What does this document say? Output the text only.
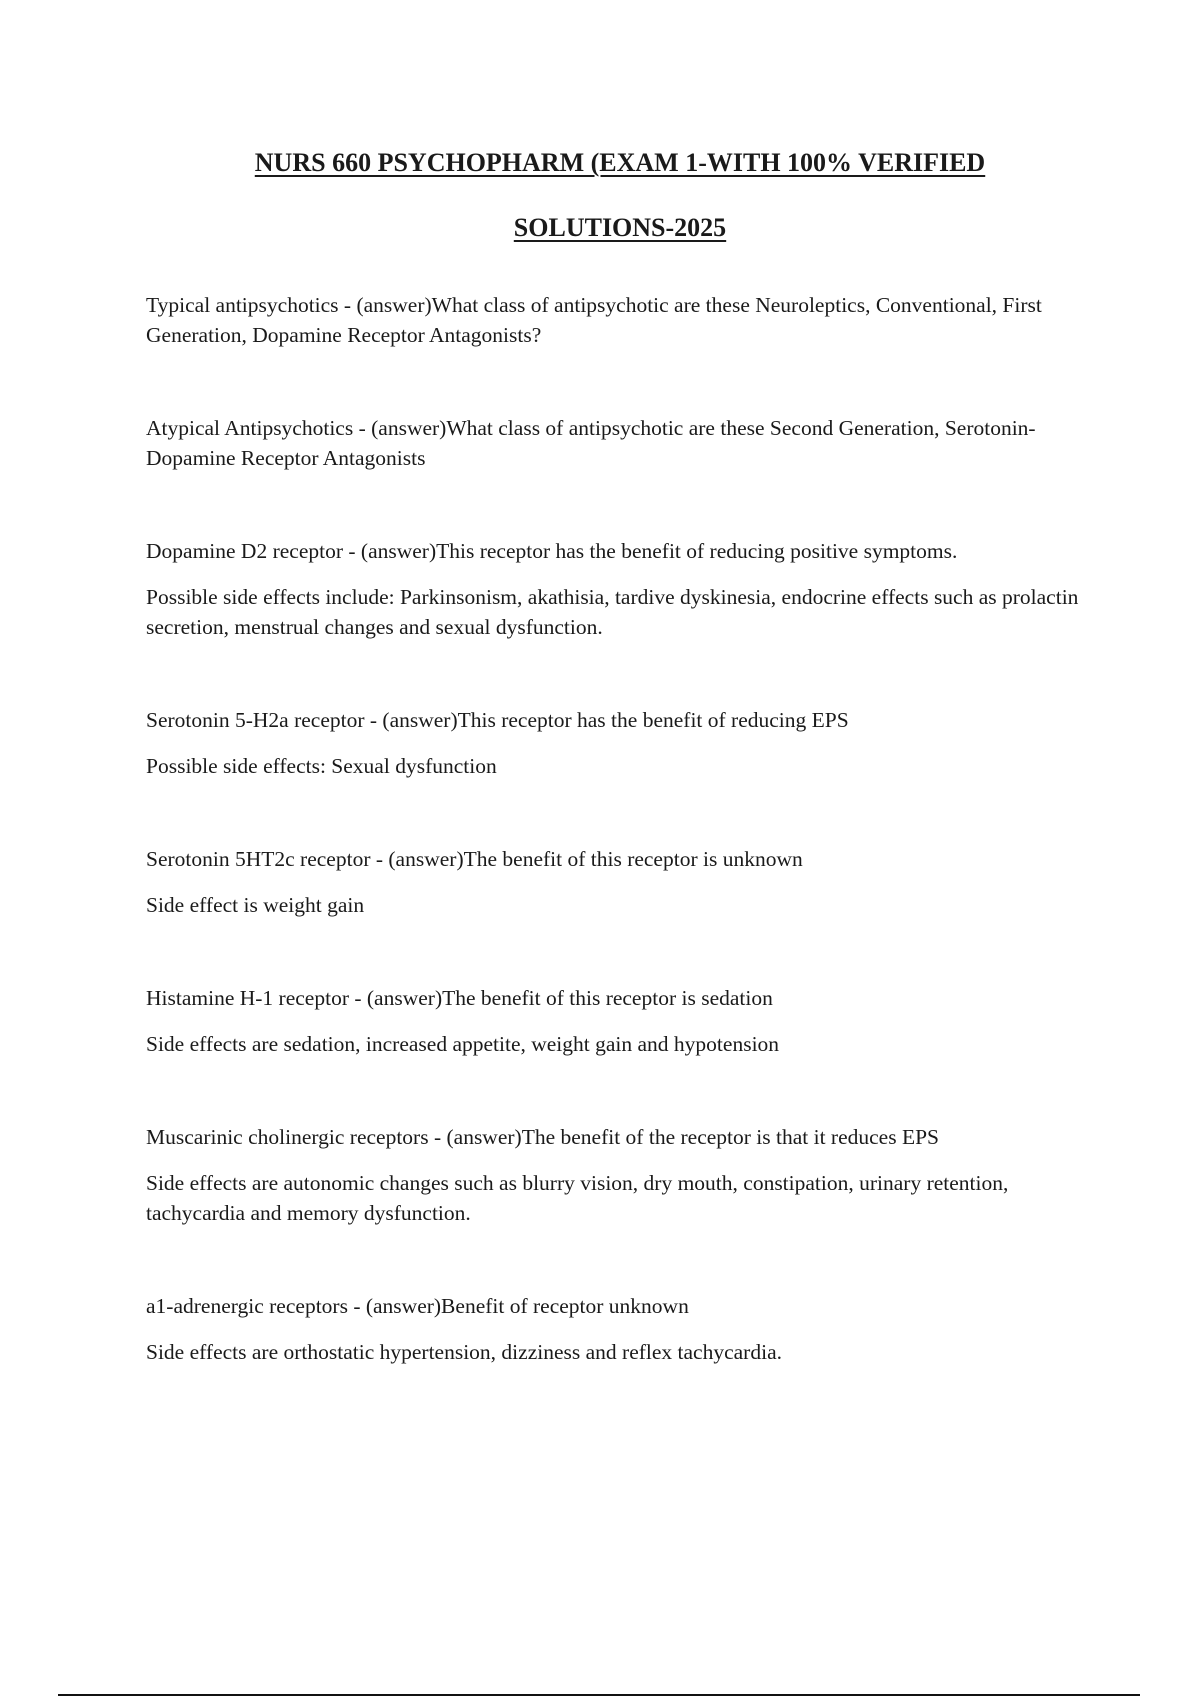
NURS 660 PSYCHOPHARM (EXAM 1-WITH 100% VERIFIED
SOLUTIONS-2025

Typical antipsychotics - (answer)What class of antipsychotic are these Neuroleptics, Conventional, First Generation, Dopamine Receptor Antagonists?

Atypical Antipsychotics - (answer)What class of antipsychotic are these Second Generation, Serotonin-Dopamine Receptor Antagonists

Dopamine D2 receptor - (answer)This receptor has the benefit of reducing positive symptoms.

Possible side effects include: Parkinsonism, akathisia, tardive dyskinesia, endocrine effects such as prolactin secretion, menstrual changes and sexual dysfunction.

Serotonin 5-H2a receptor - (answer)This receptor has the benefit of reducing EPS

Possible side effects: Sexual dysfunction

Serotonin 5HT2c receptor - (answer)The benefit of this receptor is unknown

Side effect is weight gain

Histamine H-1 receptor - (answer)The benefit of this receptor is sedation

Side effects are sedation, increased appetite, weight gain and hypotension

Muscarinic cholinergic receptors - (answer)The benefit of the receptor is that it reduces EPS

Side effects are autonomic changes such as blurry vision, dry mouth, constipation, urinary retention, tachycardia and memory dysfunction.

a1-adrenergic receptors - (answer)Benefit of receptor unknown

Side effects are orthostatic hypertension, dizziness and reflex tachycardia.
